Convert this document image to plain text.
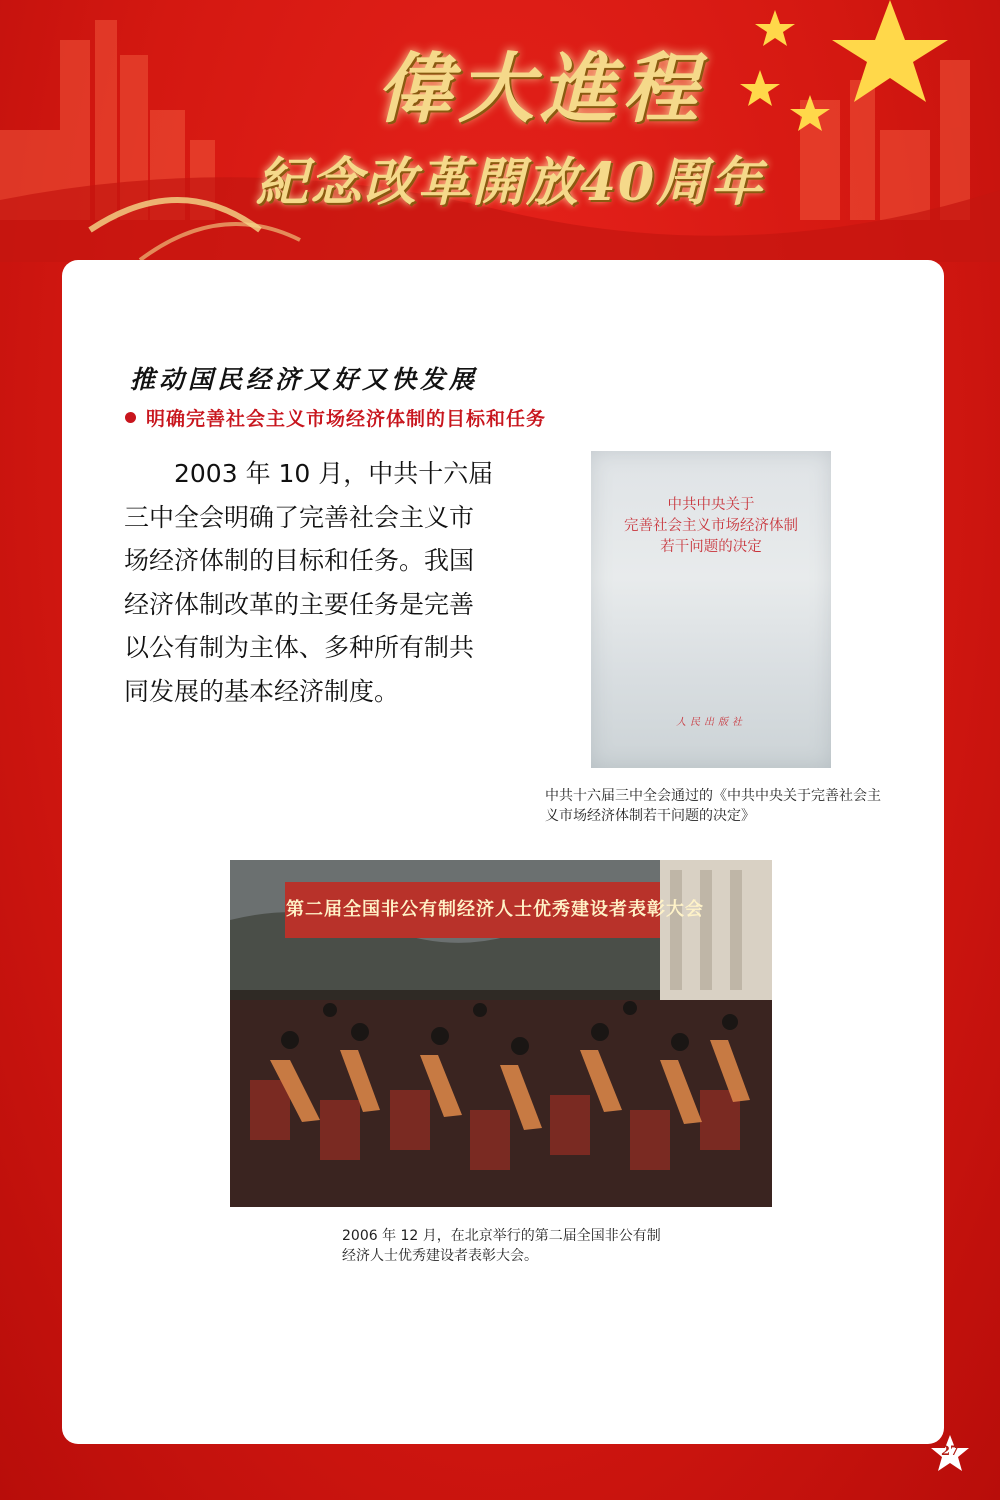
偉大進程
紀念改革開放40周年
推动国民经济又好又快发展
明确完善社会主义市场经济体制的目标和任务
2003 年 10 月，中共十六届三中全会明确了完善社会主义市场经济体制的目标和任务。我国经济体制改革的主要任务是完善以公有制为主体、多种所有制共同发展的基本经济制度。
中共中央关于
完善社会主义市场经济体制
若干问题的决定
人民出版社
中共十六届三中全会通过的《中共中央关于完善社会主义市场经济体制若干问题的决定》
第二届全国非公有制经济人士优秀建设者表彰大会
2006 年 12 月，在北京举行的第二届全国非公有制经济人士优秀建设者表彰大会。
27
